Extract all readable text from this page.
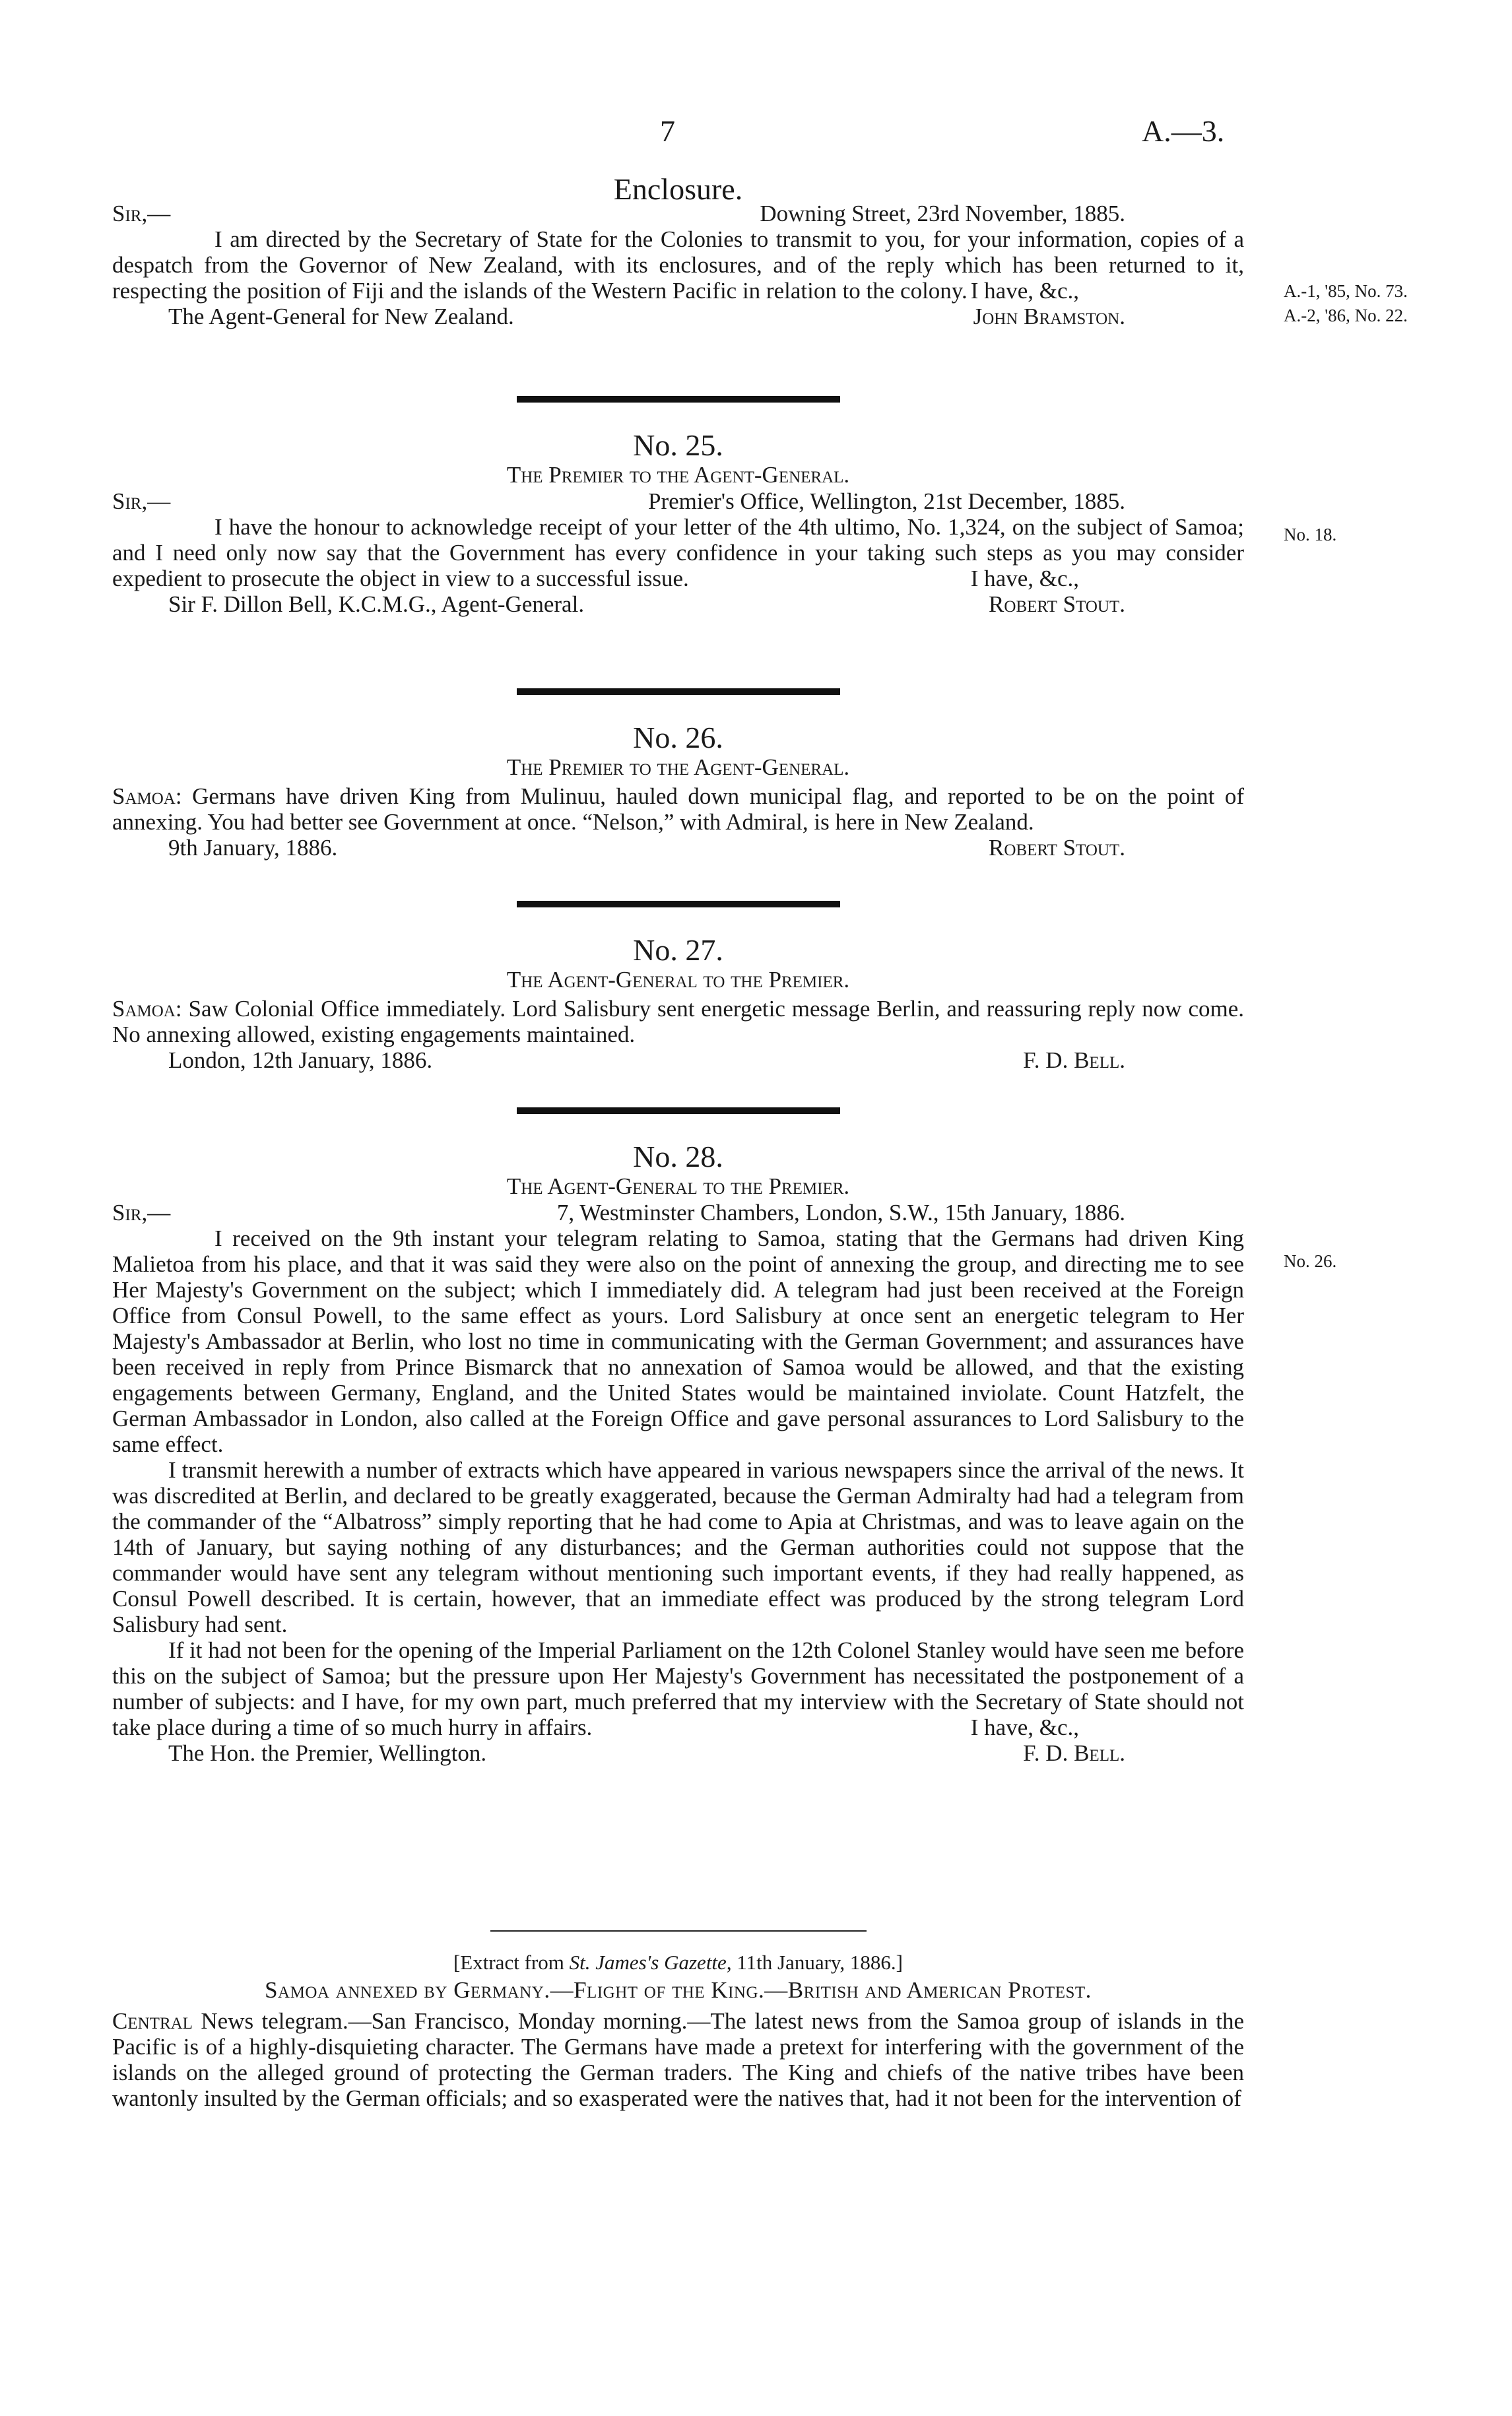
7	A.—3.

Enclosure.

Sir,—	Downing Street, 23rd November, 1885.

I am directed by the Secretary of State for the Colonies to transmit to you, for your information, copies of a despatch from the Governor of New Zealand, with its enclosures, and of the reply which has been returned to it, respecting the position of Fiji and the islands of the Western Pacific in relation to the colony. I have, &c.,
The Agent-General for New Zealand.	John Bramston.
A.-1, '85, No. 73.
A.-2, '86, No. 22.

No. 25.

The Premier to the Agent-General.

Sir,—	Premier's Office, Wellington, 21st December, 1885.

I have the honour to acknowledge receipt of your letter of the 4th ultimo, No. 1,324, on the subject of Samoa; and I need only now say that the Government has every confidence in your taking such steps as you may consider expedient to prosecute the object in view to a successful issue.	I have, &c.,
Sir F. Dillon Bell, K.C.M.G., Agent-General.	Robert Stout.
No. 18.

No. 26.

The Premier to the Agent-General.

Samoa: Germans have driven King from Mulinuu, hauled down municipal flag, and reported to be on the point of annexing. You had better see Government at once. “Nelson,” with Admiral, is here in New Zealand.

9th January, 1886.	Robert Stout.

No. 27.

The Agent-General to the Premier.

Samoa: Saw Colonial Office immediately. Lord Salisbury sent energetic message Berlin, and reassuring reply now come. No annexing allowed, existing engagements maintained.

London, 12th January, 1886.	F. D. Bell.

No. 28.

The Agent-General to the Premier.

Sir,—	7, Westminster Chambers, London, S.W., 15th January, 1886.

I received on the 9th instant your telegram relating to Samoa, stating that the Germans had driven King Malietoa from his place, and that it was said they were also on the point of annexing the group, and directing me to see Her Majesty's Government on the subject; which I immediately did. A telegram had just been received at the Foreign Office from Consul Powell, to the same effect as yours. Lord Salisbury at once sent an energetic telegram to Her Majesty's Ambassador at Berlin, who lost no time in communicating with the German Government; and assurances have been received in reply from Prince Bismarck that no annexation of Samoa would be allowed, and that the existing engagements between Germany, England, and the United States would be maintained inviolate. Count Hatzfelt, the German Ambassador in London, also called at the Foreign Office and gave personal assurances to Lord Salisbury to the same effect.

I transmit herewith a number of extracts which have appeared in various newspapers since the arrival of the news. It was discredited at Berlin, and declared to be greatly exaggerated, because the German Admiralty had had a telegram from the commander of the “Albatross” simply reporting that he had come to Apia at Christmas, and was to leave again on the 14th of January, but saying nothing of any disturbances; and the German authorities could not suppose that the commander would have sent any telegram without mentioning such important events, if they had really happened, as Consul Powell described. It is certain, however, that an immediate effect was produced by the strong telegram Lord Salisbury had sent.

If it had not been for the opening of the Imperial Parliament on the 12th Colonel Stanley would have seen me before this on the subject of Samoa; but the pressure upon Her Majesty's Government has necessitated the postponement of a number of subjects: and I have, for my own part, much preferred that my interview with the Secretary of State should not take place during a time of so much hurry in affairs.	I have, &c.,
The Hon. the Premier, Wellington.	F. D. Bell.
No. 26.

[Extract from St. James's Gazette, 11th January, 1886.]

Samoa annexed by Germany.—Flight of the King.—British and American Protest.

Central News telegram.—San Francisco, Monday morning.—The latest news from the Samoa group of islands in the Pacific is of a highly-disquieting character. The Germans have made a pretext for interfering with the government of the islands on the alleged ground of protecting the German traders. The King and chiefs of the native tribes have been wantonly insulted by the German officials; and so exasperated were the natives that, had it not been for the intervention of
